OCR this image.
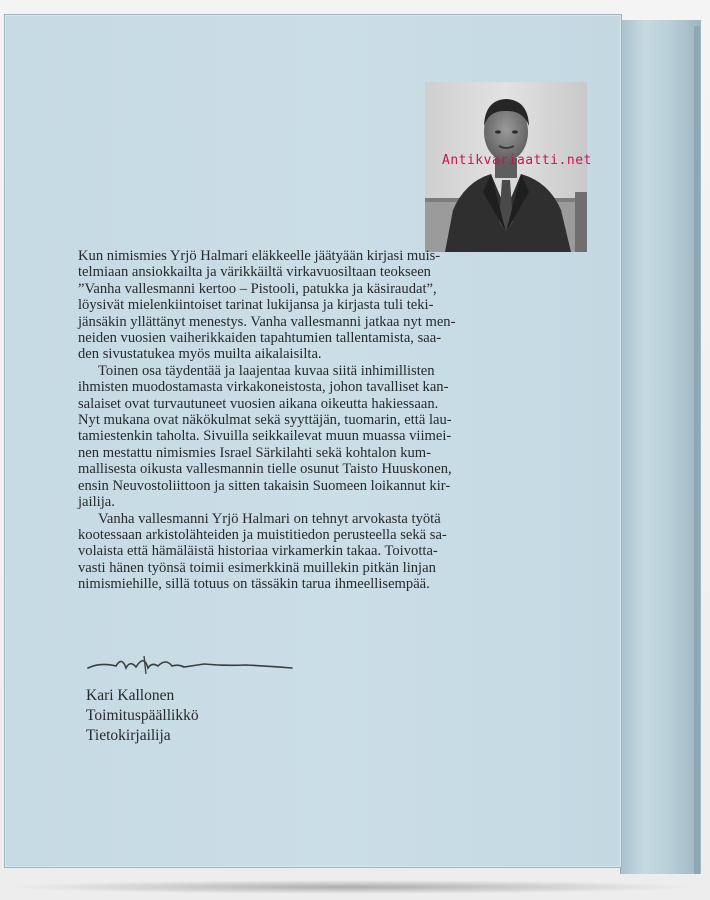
Antikvariaatti.net

Kun nimismies Yrjö Halmari eläkkeelle jäätyään kirjasi muis-
telmiaan ansiokkailta ja värikkäiltä virkavuosiltaan teokseen
”Vanha vallesmanni kertoo – Pistooli, patukka ja käsiraudat”,
löysivät mielenkiintoiset tarinat lukijansa ja kirjasta tuli teki-
jänsäkin yllättänyt menestys. Vanha vallesmanni jatkaa nyt men-
neiden vuosien vaiherikkaiden tapahtumien tallentamista, saa-
den sivustatukea myös muilta aikalaisilta.

Toinen osa täydentää ja laajentaa kuvaa siitä inhimillisten
ihmisten muodostamasta virkakoneistosta, johon tavalliset kan-
salaiset ovat turvautuneet vuosien aikana oikeutta hakiessaan.
Nyt mukana ovat näkökulmat sekä syyttäjän, tuomarin, että lau-
tamiestenkin taholta. Sivuilla seikkailevat muun muassa viimei-
nen mestattu nimismies Israel Särkilahti sekä kohtalon kum-
mallisesta oikusta vallesmannin tielle osunut Taisto Huuskonen,
ensin Neuvostoliittoon ja sitten takaisin Suomeen loikannut kir-
jailija.

Vanha vallesmanni Yrjö Halmari on tehnyt arvokasta työtä
kootessaan arkistolähteiden ja muistitiedon perusteella sekä sa-
volaista että hämäläistä historiaa virkamerkin takaa. Toivotta-
vasti hänen työnsä toimii esimerkkinä muillekin pitkän linjan
nimismiehille, sillä totuus on tässäkin tarua ihmeellisempää.

Kari Kallonen
Toimituspäällikkö
Tietokirjailija
